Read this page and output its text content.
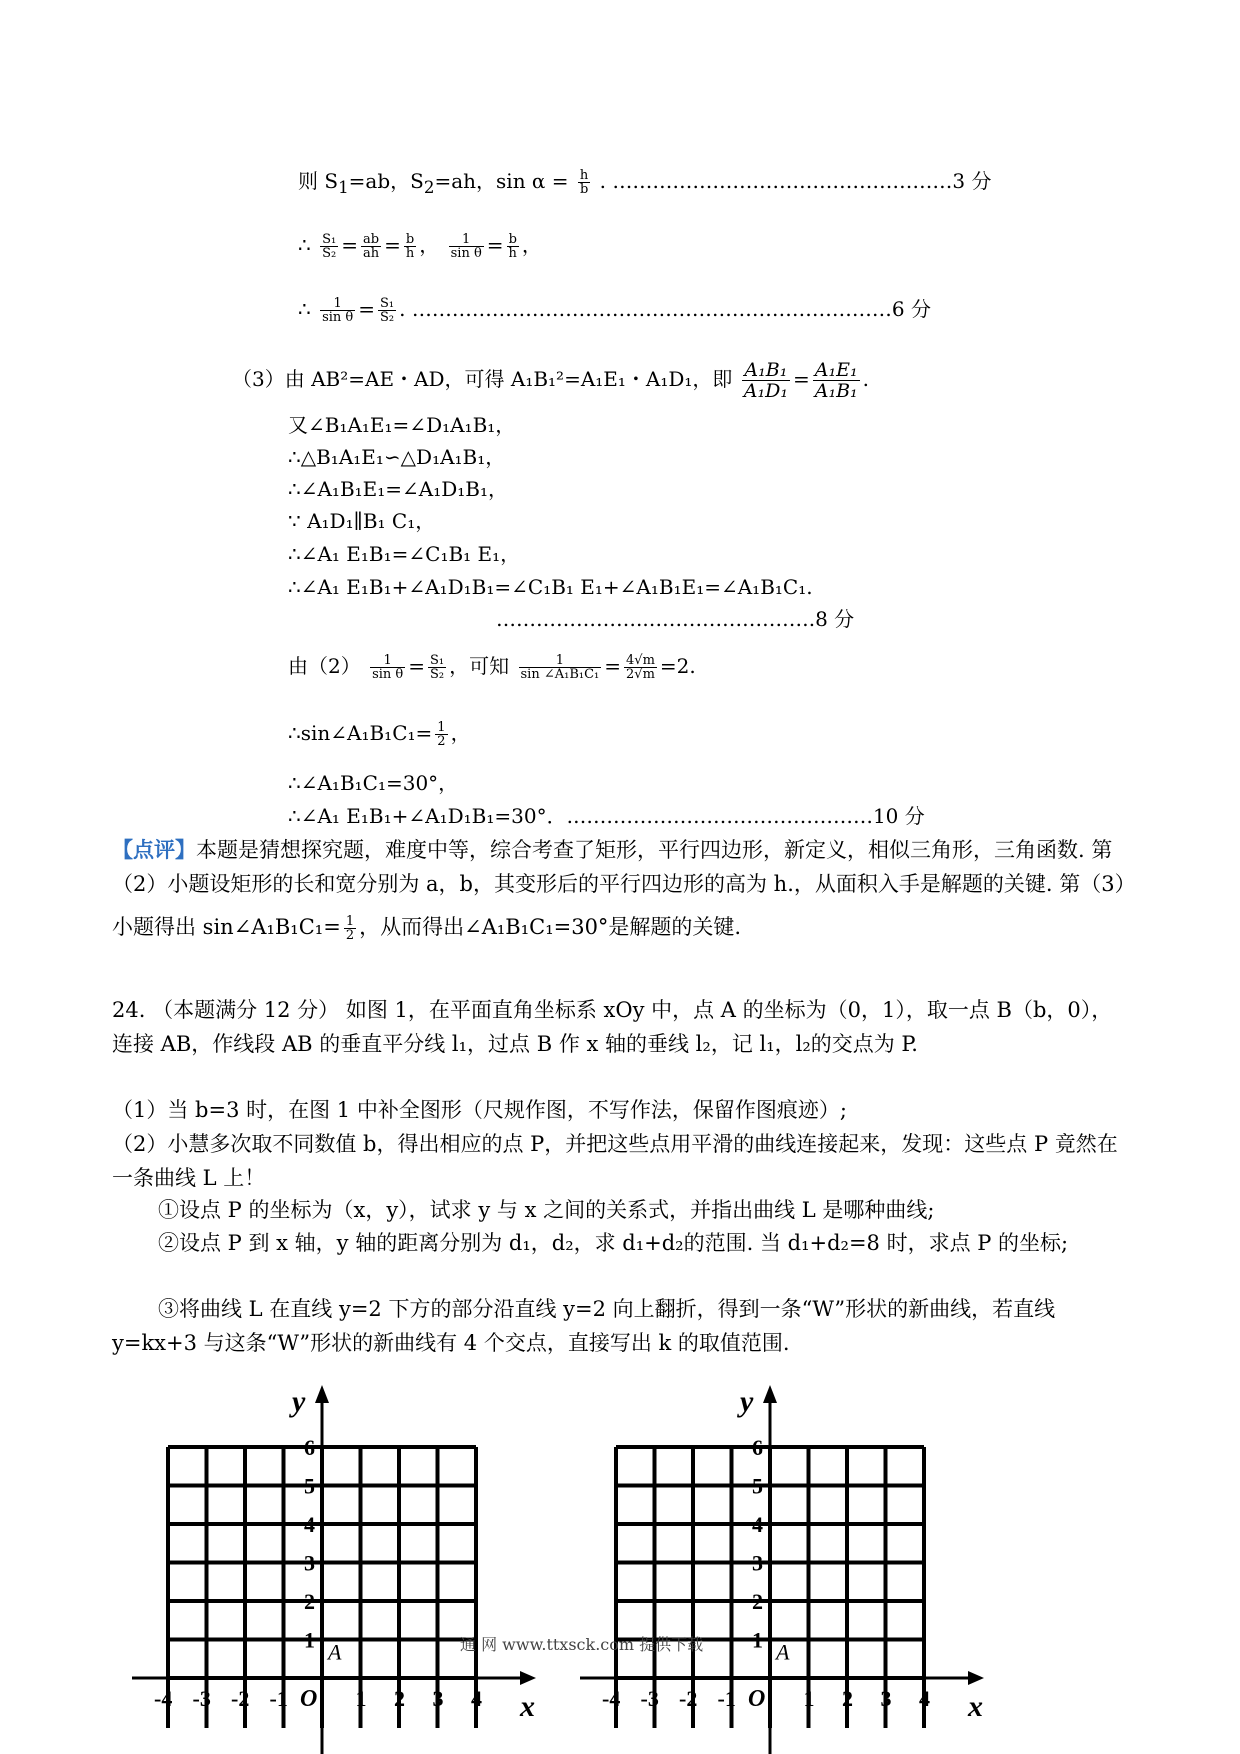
则 $S_1=ab$，$S_2=ah$，$\sin \alpha = \frac{h}{b}$ . ……………………………………………3 分
∴ $\frac{\text{S₁}}{\text{S₂}} = \frac{ab}{ah} = \frac{b}{h}$ ， $\frac{1}{\text{sin θ}} = \frac{b}{h}$ ，
∴ $\frac{1}{\text{sin θ}} = \frac{\text{S₁}}{\text{S₂}}$ . ………………………………………………………………6 分
（3）由 AB²=AE・AD，可得 A₁B₁²=A₁E₁・A₁D₁，即 $\frac{\text{A₁B₁}}{\text{A₁D₁}} = \frac{\text{A₁E₁}}{\text{A₁B₁}}$ .
又∠B₁A₁E₁=∠D₁A₁B₁，
∴△B₁A₁E₁∽△D₁A₁B₁，
∴∠A₁B₁E₁=∠A₁D₁B₁，
∵ A₁D₁∥B₁ C₁，
∴∠A₁ E₁B₁=∠C₁B₁ E₁，
∴∠A₁ E₁B₁+∠A₁D₁B₁=∠C₁B₁ E₁+∠A₁B₁E₁=∠A₁B₁C₁.
…………………..…………………….8 分
由$(2) \frac{1}{\text{sin θ}} = \frac{\text{S₁}}{\text{S₂}}$ ，可知 $\frac{1}{\text{sin ∠A₁B₁C₁}} = \frac{4√m}{2√m} =2$.
∴sin∠A₁B₁C₁= $\frac{1}{2}$ ，
∴∠A₁B₁C₁=30°，
∴∠A₁ E₁B₁+∠A₁D₁B₁=30°．.………………………………………10 分
【点评】本题是猜想探究题，难度中等，综合考查了矩形，平行四边形，新定义，相似三角形，三角函数. 第（2）小题设矩形的长和宽分别为 a，b，其变形后的平行四边形的高为 h.，从面积入手是解题的关键. 第（3）
小题得出 sin∠A₁B₁C₁= $\frac{1}{2}$ ，从而得出∠A₁B₁C₁=30°是解题的关键.
24. （本题满分 12 分） 如图 1，在平面直角坐标系 xOy 中，点 A 的坐标为（0，1），取一点 B（b，0），连接 AB，作线段 AB 的垂直平分线 l₁，过点 B 作 x 轴的垂线 l₂，记 l₁，l₂的交点为 P.
（1）当 b=3 时，在图 1 中补全图形（尺规作图，不写作法，保留作图痕迹）;
（2）小慧多次取不同数值 b，得出相应的点 P，并把这些点用平滑的曲线连接起来，发现：这些点 P 竟然在一条曲线 L 上！
①设点 P 的坐标为（x，y），试求 y 与 x 之间的关系式，并指出曲线 L 是哪种曲线;
②设点 P 到 x 轴，y 轴的距离分别为 d₁，d₂，求 d₁+d₂的范围. 当 d₁+d₂=8 时，求点 P 的坐标;
③将曲线 L 在直线 y=2 下方的部分沿直线 y=2 向上翻折，得到一条“W”形状的新曲线，若直线 y=kx+3 与这条“W”形状的新曲线有 4 个交点，直接写出 k 的取值范围.
y
x
O
A
-4 -3 -2 -1	1 2 3 4
1
2
3
4
5
6
y
x
O
A
-4 -3 -2 -1	1 2 3 4
1
2
3
4
5
6
通 网 www.ttxsck.com 提供下载
